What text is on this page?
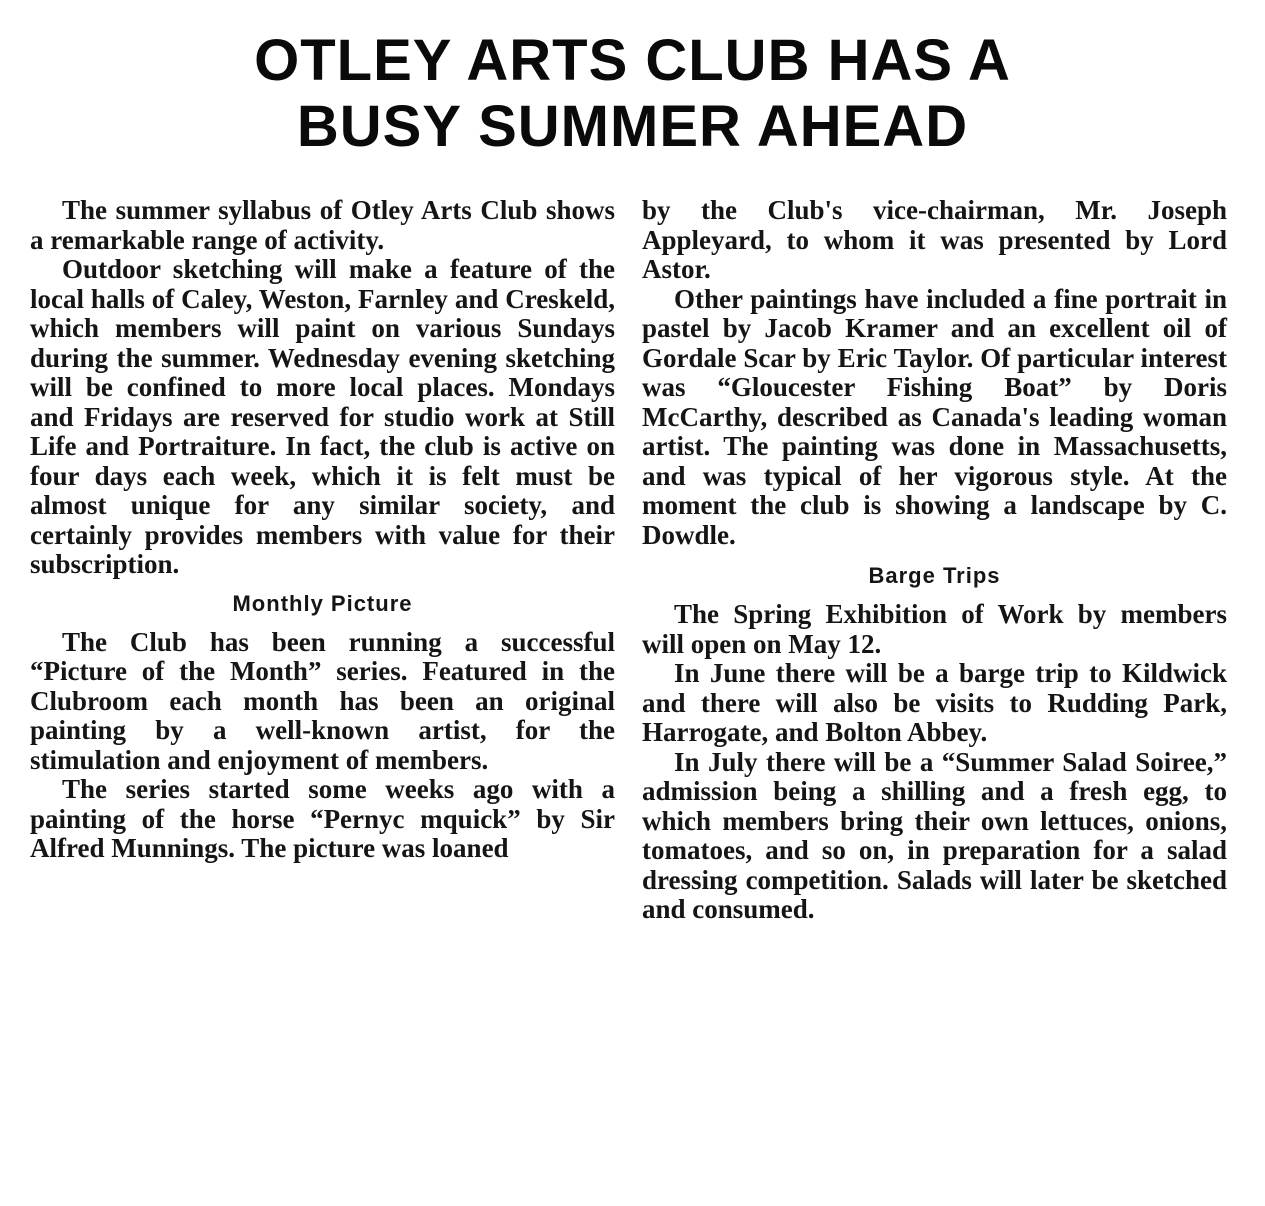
OTLEY ARTS CLUB HAS A
BUSY SUMMER AHEAD

The summer syllabus of Otley Arts Club shows a remarkable range of activity.

Outdoor sketching will make a feature of the local halls of Caley, Weston, Farnley and Creskeld, which members will paint on various Sundays during the summer. Wednesday evening sketching will be confined to more local places. Mondays and Fridays are reserved for studio work at Still Life and Portraiture. In fact, the club is active on four days each week, which it is felt must be almost unique for any similar society, and certainly provides members with value for their subscription.

Monthly Picture

The Club has been running a successful “Picture of the Month” series. Featured in the Clubroom each month has been an original painting by a well-known artist, for the stimulation and enjoyment of members.

The series started some weeks ago with a painting of the horse “Pernyc mquick” by Sir Alfred Munnings. The picture was loaned

by the Club's vice-chairman, Mr. Joseph Appleyard, to whom it was presented by Lord Astor.

Other paintings have included a fine portrait in pastel by Jacob Kramer and an excellent oil of Gordale Scar by Eric Taylor. Of particular interest was “Gloucester Fishing Boat” by Doris McCarthy, described as Canada's leading woman artist. The painting was done in Massachusetts, and was typical of her vigorous style. At the moment the club is showing a landscape by C. Dowdle.

Barge Trips

The Spring Exhibition of Work by members will open on May 12.

In June there will be a barge trip to Kildwick and there will also be visits to Rudding Park, Harrogate, and Bolton Abbey.

In July there will be a “Summer Salad Soiree,” admission being a shilling and a fresh egg, to which members bring their own lettuces, onions, tomatoes, and so on, in preparation for a salad dressing competition. Salads will later be sketched and consumed.
